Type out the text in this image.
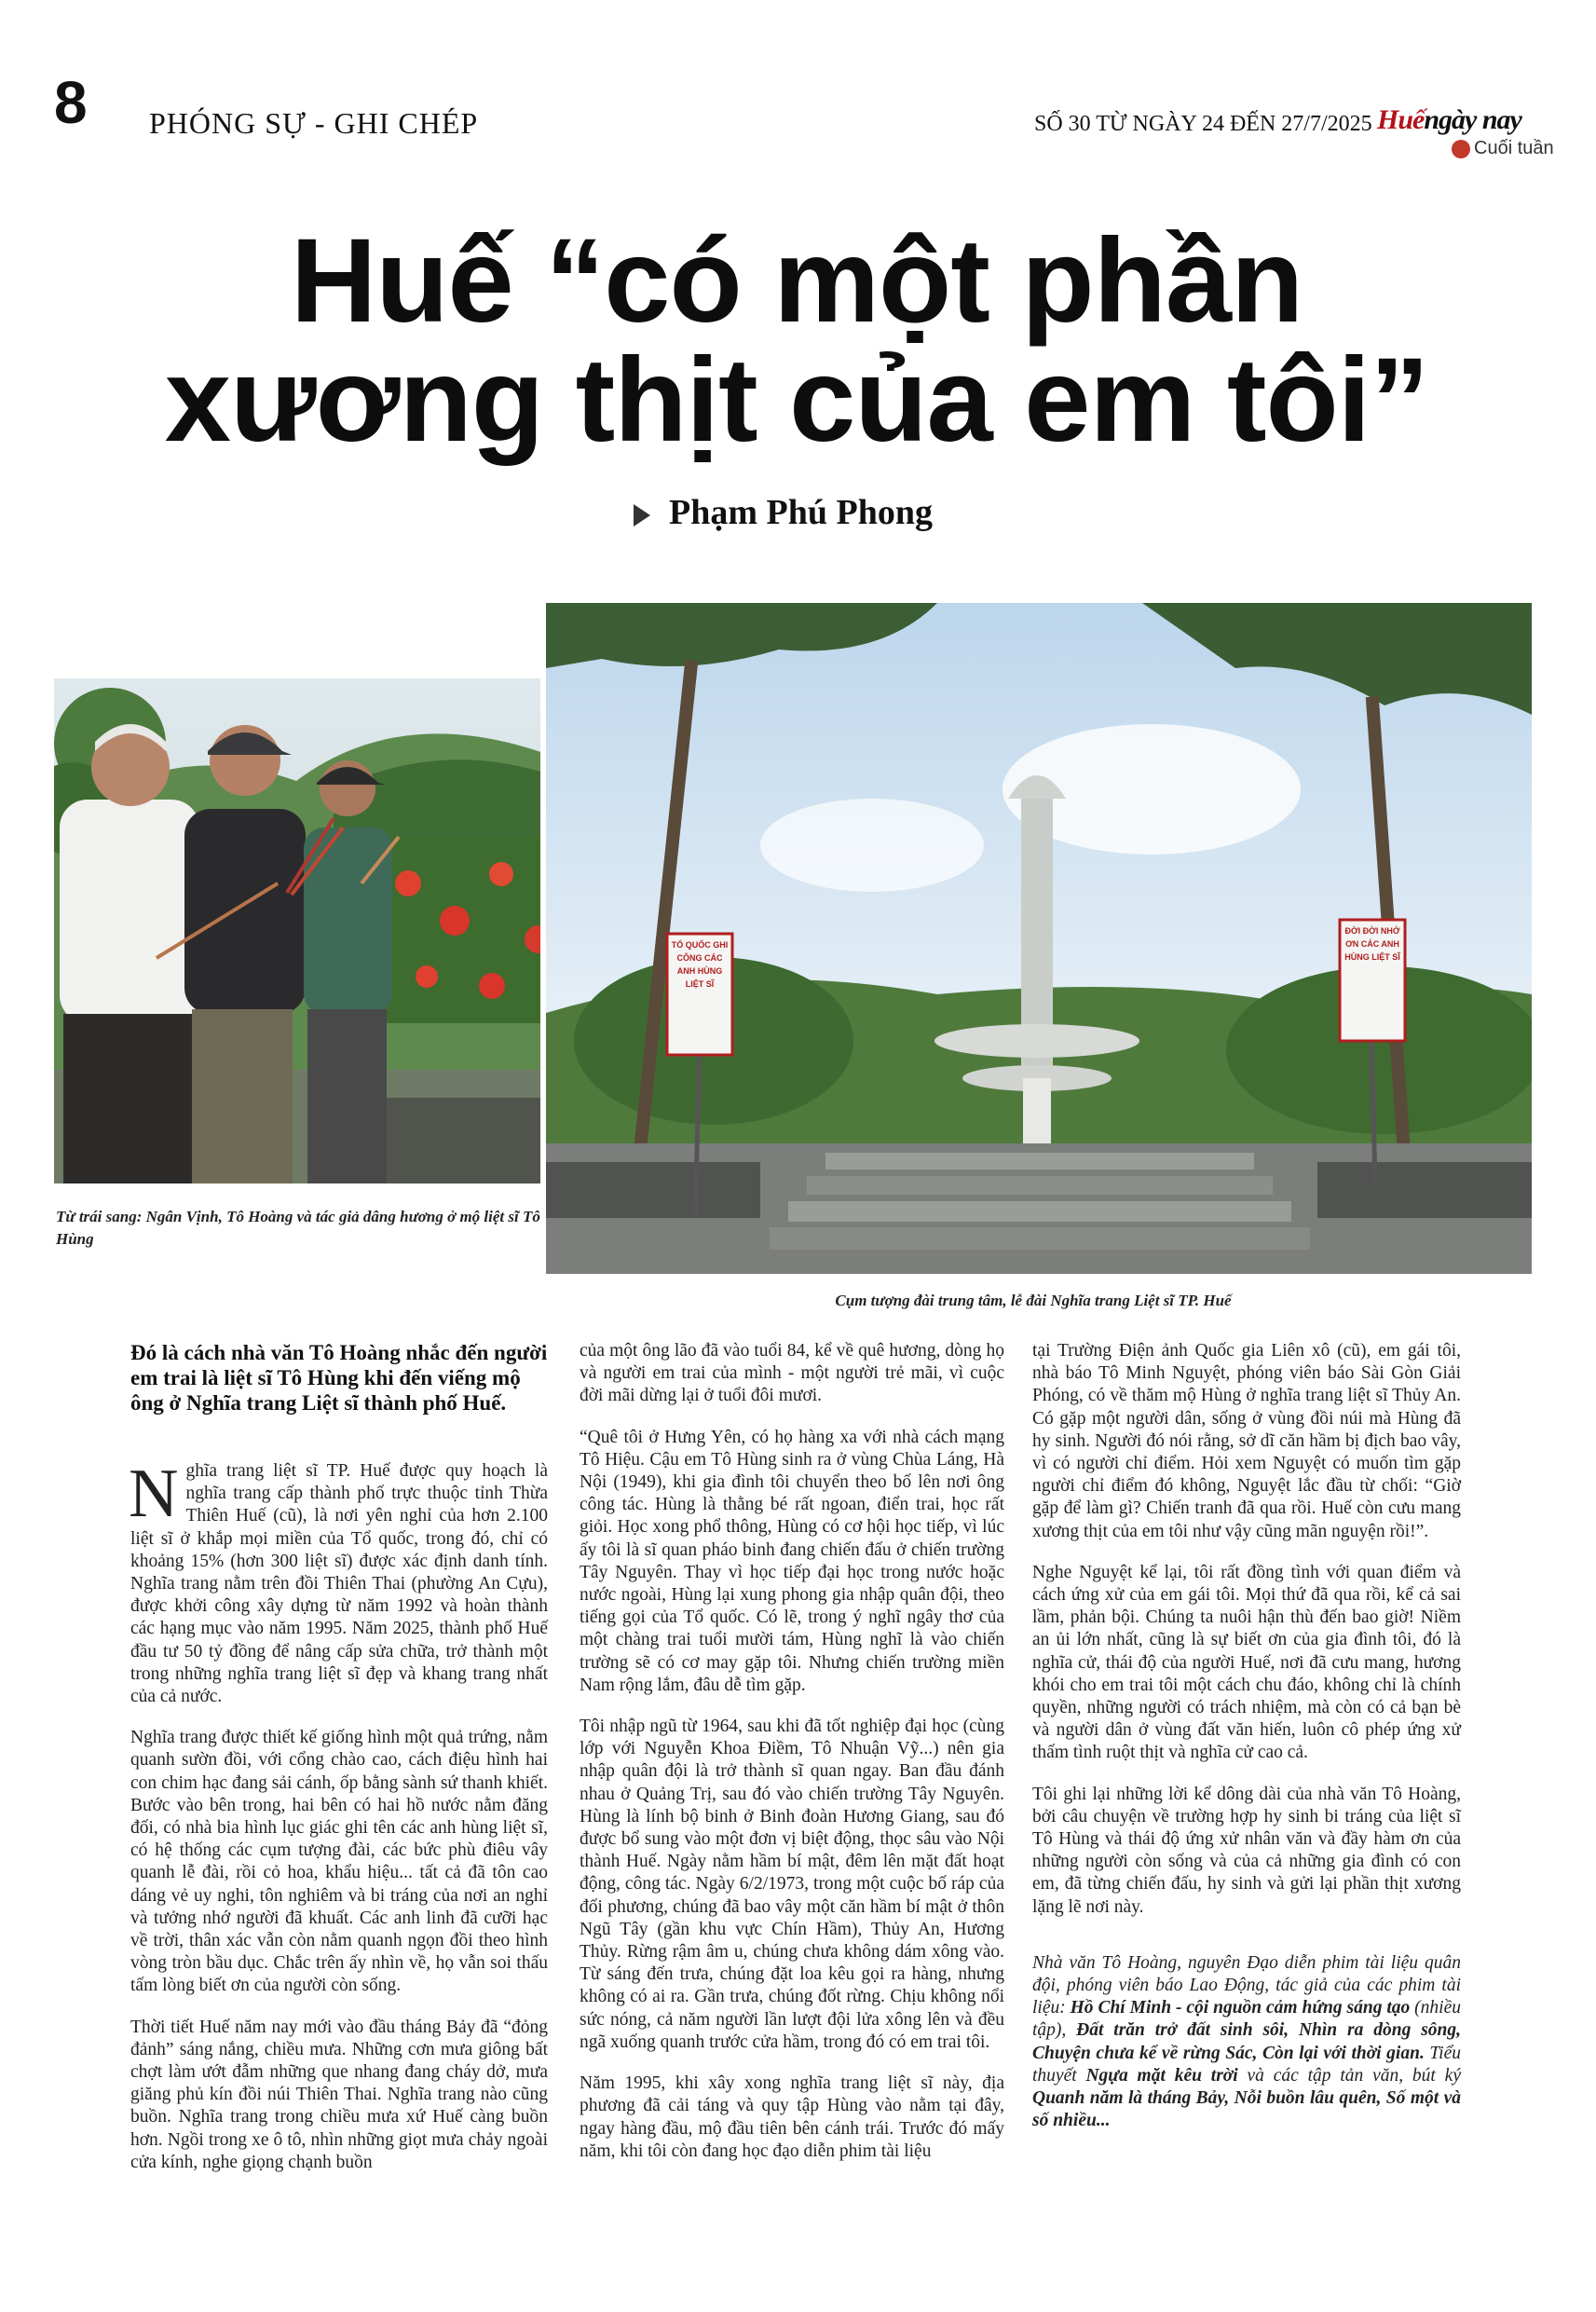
8 PHÓNG SỰ - GHI CHÉP	SỐ 30 TỪ NGÀY 24 ĐẾN 27/7/2025 Huếngày nay
Cuối tuần
Huế “có một phần
xương thịt của em tôi”
Phạm Phú Phong
TỔ QUỐC GHI CÔNG CÁC ANH HÙNG LIỆT SĨ
ĐỜI ĐỜI NHỚ ƠN CÁC ANH HÙNG LIỆT SĨ
Từ trái sang: Ngân Vịnh, Tô Hoàng và tác giả dâng hương ở mộ liệt sĩ Tô Hùng
Cụm tượng đài trung tâm, lễ đài Nghĩa trang Liệt sĩ TP. Huế

Đó là cách nhà văn Tô Hoàng nhắc đến người em trai là liệt sĩ Tô Hùng khi đến viếng mộ ông ở Nghĩa trang Liệt sĩ thành phố Huế.

Nghĩa trang liệt sĩ TP. Huế được quy hoạch là nghĩa trang cấp thành phố trực thuộc tỉnh Thừa Thiên Huế (cũ), là nơi yên nghỉ của hơn 2.100 liệt sĩ ở khắp mọi miền của Tổ quốc, trong đó, chỉ có khoảng 15% (hơn 300 liệt sĩ) được xác định danh tính. Nghĩa trang nằm trên đồi Thiên Thai (phường An Cựu), được khởi công xây dựng từ năm 1992 và hoàn thành các hạng mục vào năm 1995. Năm 2025, thành phố Huế đầu tư 50 tỷ đồng để nâng cấp sửa chữa, trở thành một trong những nghĩa trang liệt sĩ đẹp và khang trang nhất của cả nước.

Nghĩa trang được thiết kế giống hình một quả trứng, nằm quanh sườn đồi, với cổng chào cao, cách điệu hình hai con chim hạc đang sải cánh, ốp bằng sành sứ thanh khiết. Bước vào bên trong, hai bên có hai hồ nước nằm đăng đối, có nhà bia hình lục giác ghi tên các anh hùng liệt sĩ, có hệ thống các cụm tượng đài, các bức phù điêu vây quanh lễ đài, rồi cỏ hoa, khẩu hiệu... tất cả đã tôn cao dáng vẻ uy nghi, tôn nghiêm và bi tráng của nơi an nghỉ và tưởng nhớ người đã khuất. Các anh linh đã cưỡi hạc về trời, thân xác vẫn còn nằm quanh ngọn đồi theo hình vòng tròn bầu dục. Chắc trên ấy nhìn về, họ vẫn soi thấu tấm lòng biết ơn của người còn sống.

Thời tiết Huế năm nay mới vào đầu tháng Bảy đã “đỏng đảnh” sáng nắng, chiều mưa. Những cơn mưa giông bất chợt làm ướt đẫm những que nhang đang cháy dở, mưa giăng phủ kín đồi núi Thiên Thai. Nghĩa trang nào cũng buồn. Nghĩa trang trong chiều mưa xứ Huế càng buồn hơn. Ngồi trong xe ô tô, nhìn những giọt mưa chảy ngoài cửa kính, nghe giọng chạnh buồn

của một ông lão đã vào tuổi 84, kể về quê hương, dòng họ và người em trai của mình - một người trẻ mãi, vì cuộc đời mãi dừng lại ở tuổi đôi mươi.

“Quê tôi ở Hưng Yên, có họ hàng xa với nhà cách mạng Tô Hiệu. Cậu em Tô Hùng sinh ra ở vùng Chùa Láng, Hà Nội (1949), khi gia đình tôi chuyển theo bố lên nơi ông công tác. Hùng là thằng bé rất ngoan, điển trai, học rất giỏi. Học xong phổ thông, Hùng có cơ hội học tiếp, vì lúc ấy tôi là sĩ quan pháo binh đang chiến đấu ở chiến trường Tây Nguyên. Thay vì học tiếp đại học trong nước hoặc nước ngoài, Hùng lại xung phong gia nhập quân đội, theo tiếng gọi của Tổ quốc. Có lẽ, trong ý nghĩ ngây thơ của một chàng trai tuổi mười tám, Hùng nghĩ là vào chiến trường sẽ có cơ may gặp tôi. Nhưng chiến trường miền Nam rộng lắm, đâu dễ tìm gặp.

Tôi nhập ngũ từ 1964, sau khi đã tốt nghiệp đại học (cùng lớp với Nguyễn Khoa Điềm, Tô Nhuận Vỹ...) nên gia nhập quân đội là trở thành sĩ quan ngay. Ban đầu đánh nhau ở Quảng Trị, sau đó vào chiến trường Tây Nguyên. Hùng là lính bộ binh ở Binh đoàn Hương Giang, sau đó được bổ sung vào một đơn vị biệt động, thọc sâu vào Nội thành Huế. Ngày nằm hầm bí mật, đêm lên mặt đất hoạt động, công tác. Ngày 6/2/1973, trong một cuộc bố ráp của đối phương, chúng đã bao vây một căn hầm bí mật ở thôn Ngũ Tây (gần khu vực Chín Hầm), Thủy An, Hương Thủy. Rừng rậm âm u, chúng chưa không dám xông vào. Từ sáng đến trưa, chúng đặt loa kêu gọi ra hàng, nhưng không có ai ra. Gần trưa, chúng đốt rừng. Chịu không nổi sức nóng, cả năm người lần lượt đội lửa xông lên và đều ngã xuống quanh trước cửa hầm, trong đó có em trai tôi.

Năm 1995, khi xây xong nghĩa trang liệt sĩ này, địa phương đã cải táng và quy tập Hùng vào nằm tại đây, ngay hàng đầu, mộ đầu tiên bên cánh trái. Trước đó mấy năm, khi tôi còn đang học đạo diễn phim tài liệu

tại Trường Điện ảnh Quốc gia Liên xô (cũ), em gái tôi, nhà báo Tô Minh Nguyệt, phóng viên báo Sài Gòn Giải Phóng, có về thăm mộ Hùng ở nghĩa trang liệt sĩ Thủy An. Có gặp một người dân, sống ở vùng đồi núi mà Hùng đã hy sinh. Người đó nói rằng, sở dĩ căn hầm bị địch bao vây, vì có người chỉ điểm. Hỏi xem Nguyệt có muốn tìm gặp người chỉ điểm đó không, Nguyệt lắc đầu từ chối: “Giờ gặp để làm gì? Chiến tranh đã qua rồi. Huế còn cưu mang xương thịt của em tôi như vậy cũng mãn nguyện rồi!”.

Nghe Nguyệt kể lại, tôi rất đồng tình với quan điểm và cách ứng xử của em gái tôi. Mọi thứ đã qua rồi, kể cả sai lầm, phản bội. Chúng ta nuôi hận thù đến bao giờ! Niềm an ủi lớn nhất, cũng là sự biết ơn của gia đình tôi, đó là nghĩa cử, thái độ của người Huế, nơi đã cưu mang, hương khói cho em trai tôi một cách chu đáo, không chỉ là chính quyền, những người có trách nhiệm, mà còn có cả bạn bè và người dân ở vùng đất văn hiến, luôn cô phép ứng xử thấm tình ruột thịt và nghĩa cử cao cả.

Tôi ghi lại những lời kể dông dài của nhà văn Tô Hoàng, bởi câu chuyện về trường hợp hy sinh bi tráng của liệt sĩ Tô Hùng và thái độ ứng xử nhân văn và đầy hàm ơn của những người còn sống và của cả những gia đình có con em, đã từng chiến đấu, hy sinh và gửi lại phần thịt xương lặng lẽ nơi này.

Nhà văn Tô Hoàng, nguyên Đạo diễn phim tài liệu quân đội, phóng viên báo Lao Động, tác giả của các phim tài liệu: Hồ Chí Minh - cội nguồn cảm hứng sáng tạo (nhiều tập), Đất trăn trở đất sinh sôi, Nhìn ra dòng sông, Chuyện chưa kể về rừng Sác, Còn lại với thời gian. Tiểu thuyết Ngựa mặt kêu trời và các tập tản văn, bút ký Quanh năm là tháng Bảy, Nỗi buồn lâu quên, Số một và số nhiều...
